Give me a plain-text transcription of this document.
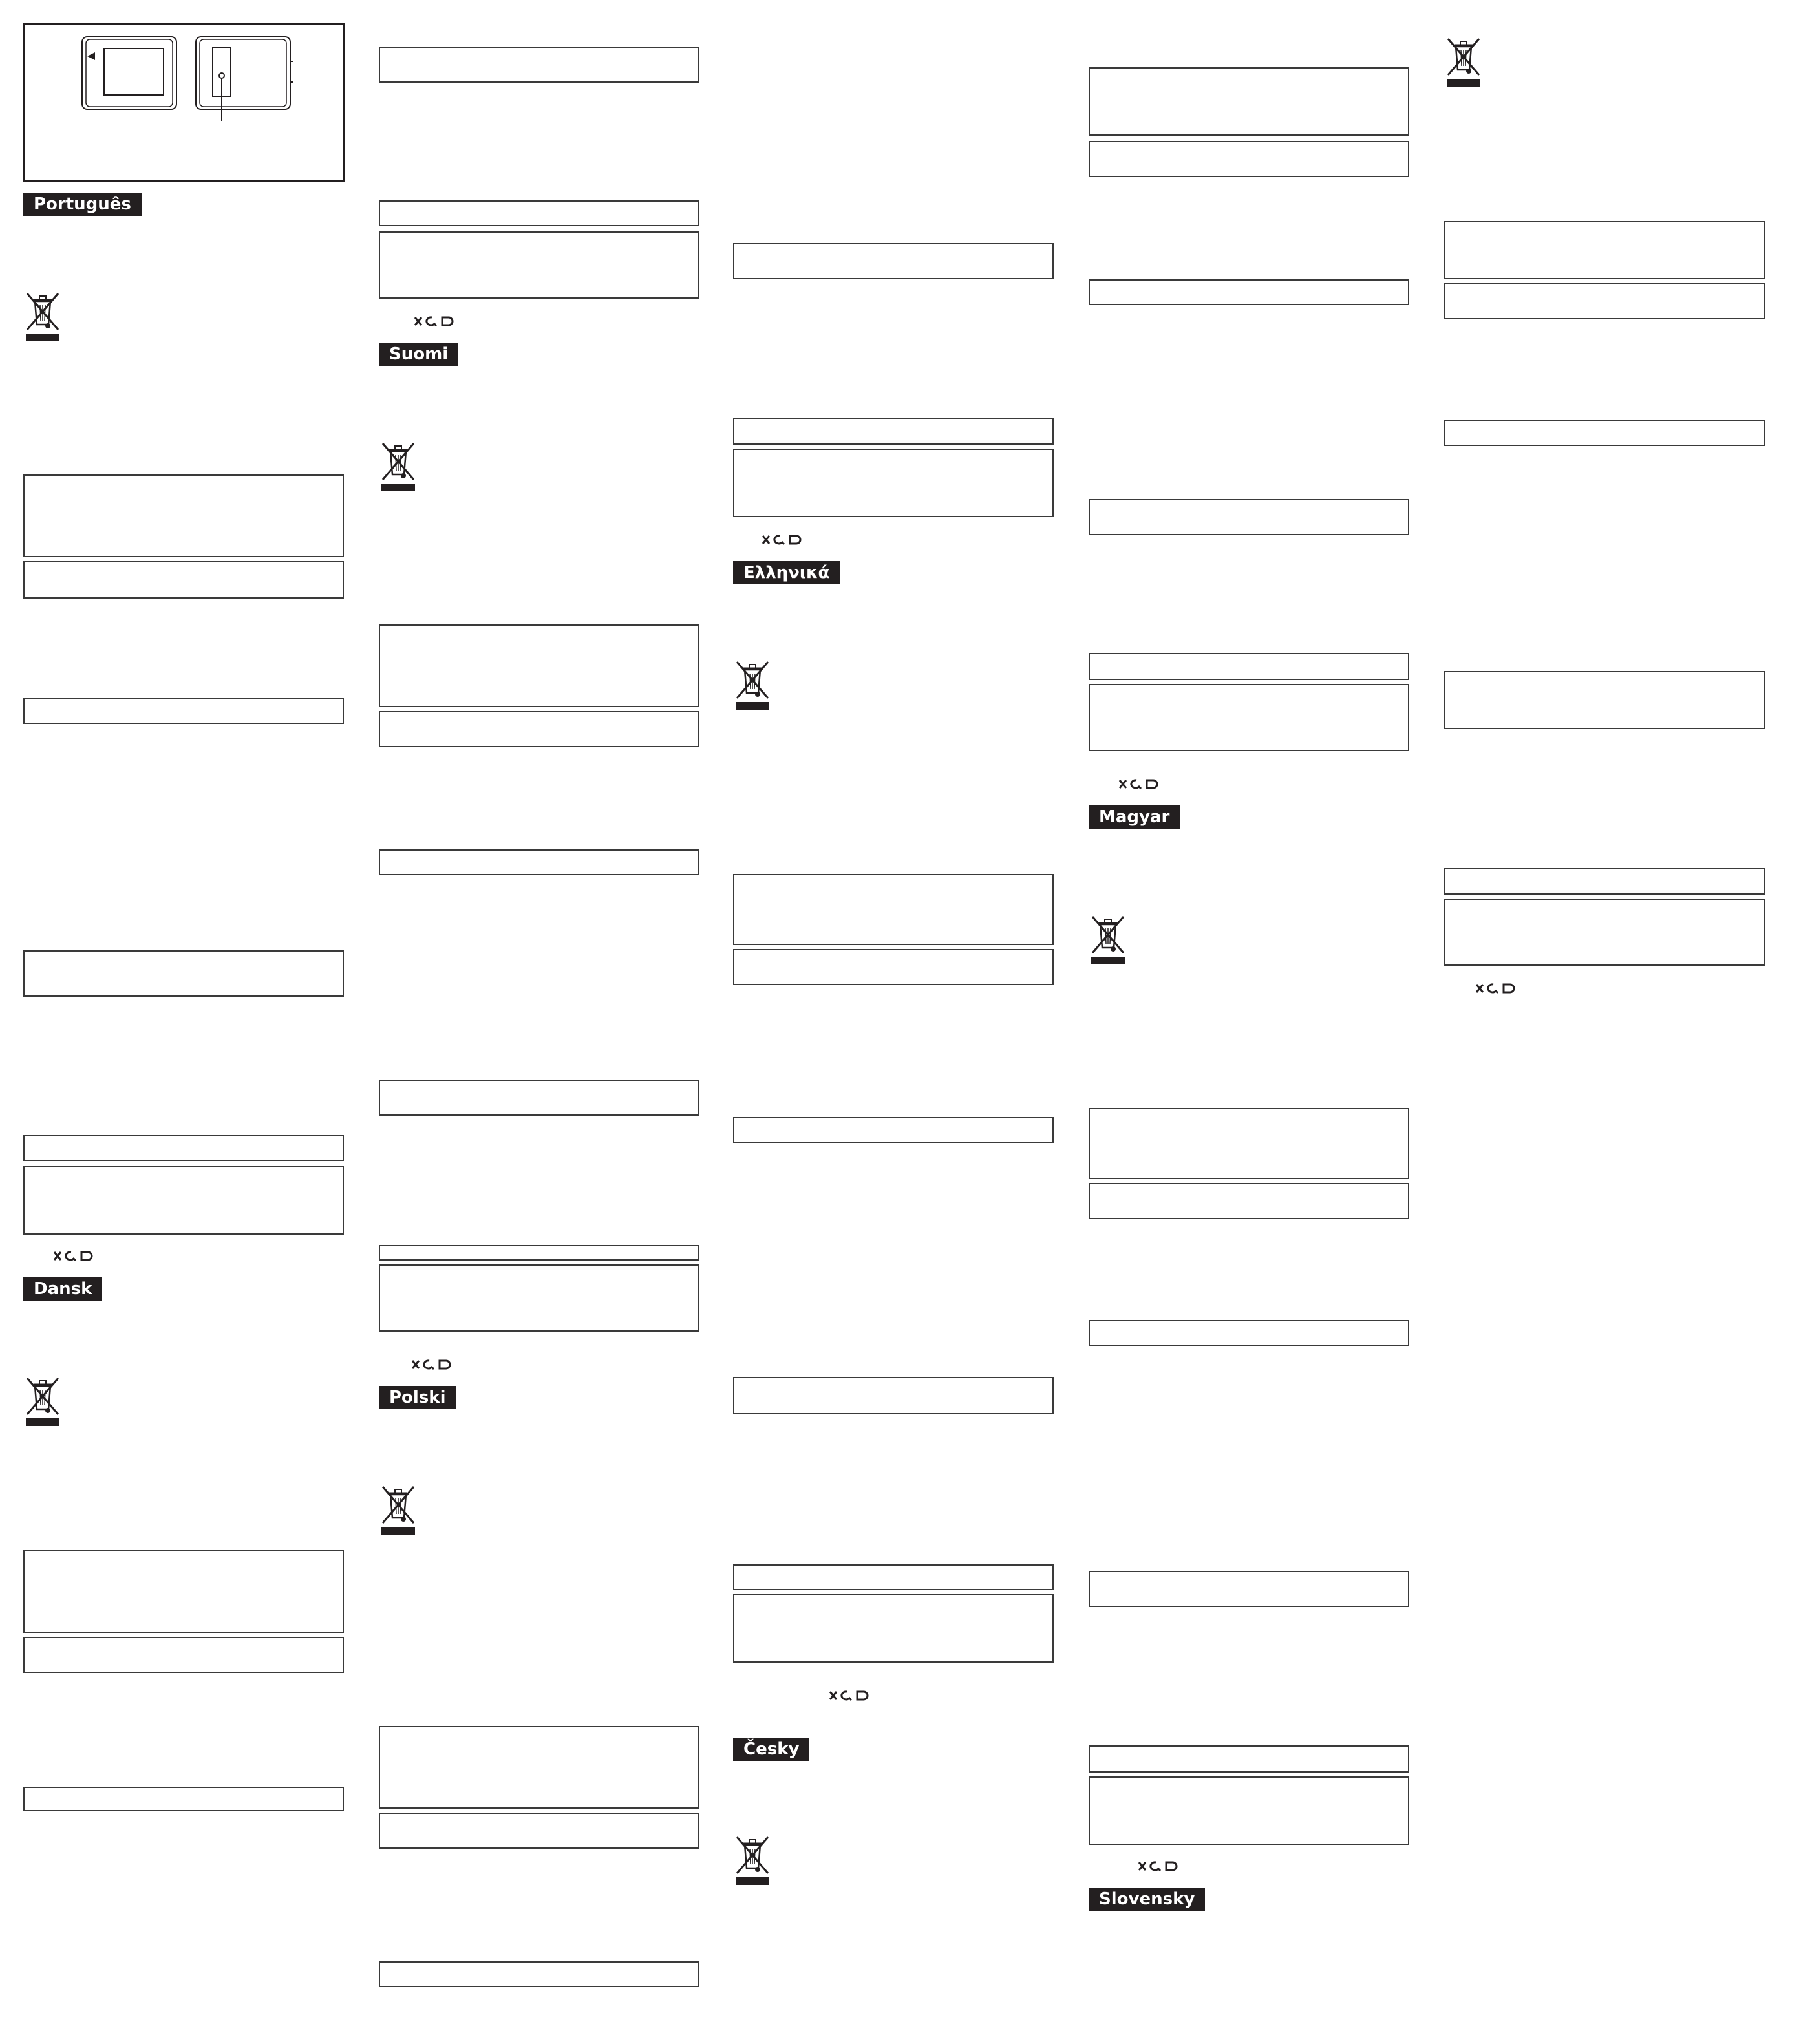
Português
Dansk
Suomi
Polski
Ελληνικά
Česky
Magyar
Slovensky
